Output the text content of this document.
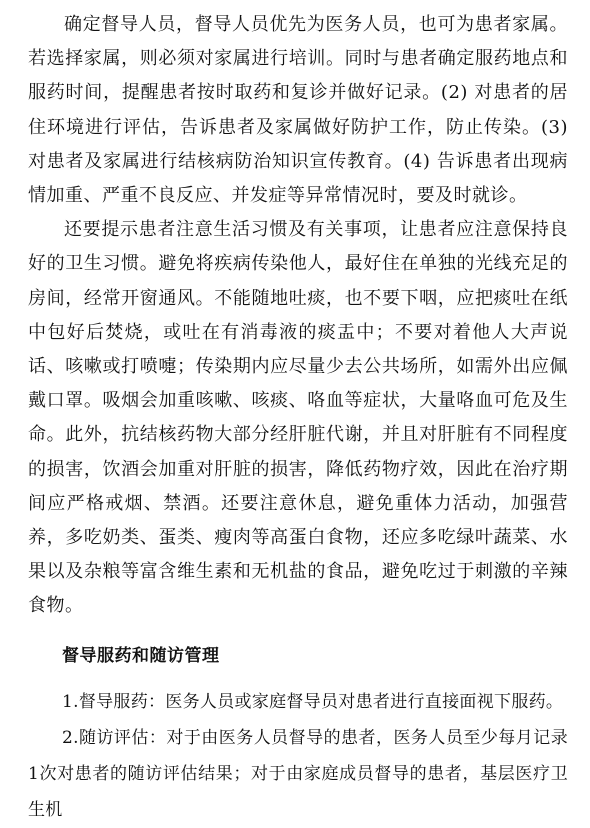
确定督导人员，督导人员优先为医务人员，也可为患者家属。若选择家属，则必须对家属进行培训。同时与患者确定服药地点和服药时间，提醒患者按时取药和复诊并做好记录。(2) 对患者的居住环境进行评估，告诉患者及家属做好防护工作，防止传染。(3) 对患者及家属进行结核病防治知识宣传教育。(4) 告诉患者出现病情加重、严重不良反应、并发症等异常情况时，要及时就诊。

还要提示患者注意生活习惯及有关事项，让患者应注意保持良好的卫生习惯。避免将疾病传染他人，最好住在单独的光线充足的房间，经常开窗通风。不能随地吐痰，也不要下咽，应把痰吐在纸中包好后焚烧，或吐在有消毒液的痰盂中；不要对着他人大声说话、咳嗽或打喷嚏；传染期内应尽量少去公共场所，如需外出应佩戴口罩。吸烟会加重咳嗽、咳痰、咯血等症状，大量咯血可危及生命。此外，抗结核药物大部分经肝脏代谢，并且对肝脏有不同程度的损害，饮酒会加重对肝脏的损害，降低药物疗效，因此在治疗期间应严格戒烟、禁酒。还要注意休息，避免重体力活动，加强营养，多吃奶类、蛋类、瘦肉等高蛋白食物，还应多吃绿叶蔬菜、水果以及杂粮等富含维生素和无机盐的食品，避免吃过于刺激的辛辣食物。

督导服药和随访管理

1.督导服药：医务人员或家庭督导员对患者进行直接面视下服药。

2.随访评估：对于由医务人员督导的患者，医务人员至少每月记录1次对患者的随访评估结果；对于由家庭成员督导的患者，基层医疗卫生机
